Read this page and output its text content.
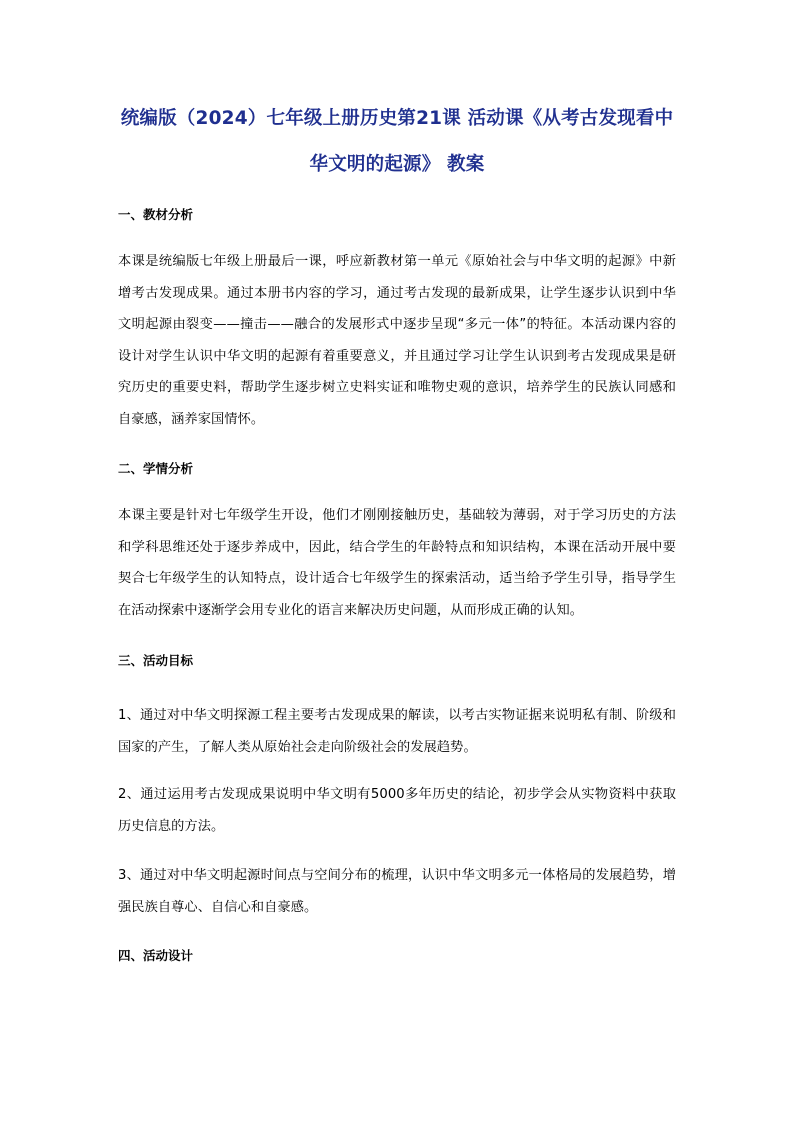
统编版（2024）七年级上册历史第21课 活动课《从考古发现看中
华文明的起源》 教案
一、教材分析

本课是统编版七年级上册最后一课，呼应新教材第一单元《原始社会与中华文明的起源》中新增考古发现成果。通过本册书内容的学习，通过考古发现的最新成果，让学生逐步认识到中华文明起源由裂变——撞击——融合的发展形式中逐步呈现“多元一体”的特征。本活动课内容的设计对学生认识中华文明的起源有着重要意义，并且通过学习让学生认识到考古发现成果是研究历史的重要史料，帮助学生逐步树立史料实证和唯物史观的意识，培养学生的民族认同感和自豪感，涵养家国情怀。

二、学情分析

本课主要是针对七年级学生开设，他们才刚刚接触历史，基础较为薄弱，对于学习历史的方法和学科思维还处于逐步养成中，因此，结合学生的年龄特点和知识结构，本课在活动开展中要契合七年级学生的认知特点，设计适合七年级学生的探索活动，适当给予学生引导，指导学生在活动探索中逐渐学会用专业化的语言来解决历史问题，从而形成正确的认知。

三、活动目标

1、通过对中华文明探源工程主要考古发现成果的解读，以考古实物证据来说明私有制、阶级和国家的产生，了解人类从原始社会走向阶级社会的发展趋势。

2、通过运用考古发现成果说明中华文明有5000多年历史的结论，初步学会从实物资料中获取历史信息的方法。

3、通过对中华文明起源时间点与空间分布的梳理，认识中华文明多元一体格局的发展趋势，增强民族自尊心、自信心和自豪感。

四、活动设计
